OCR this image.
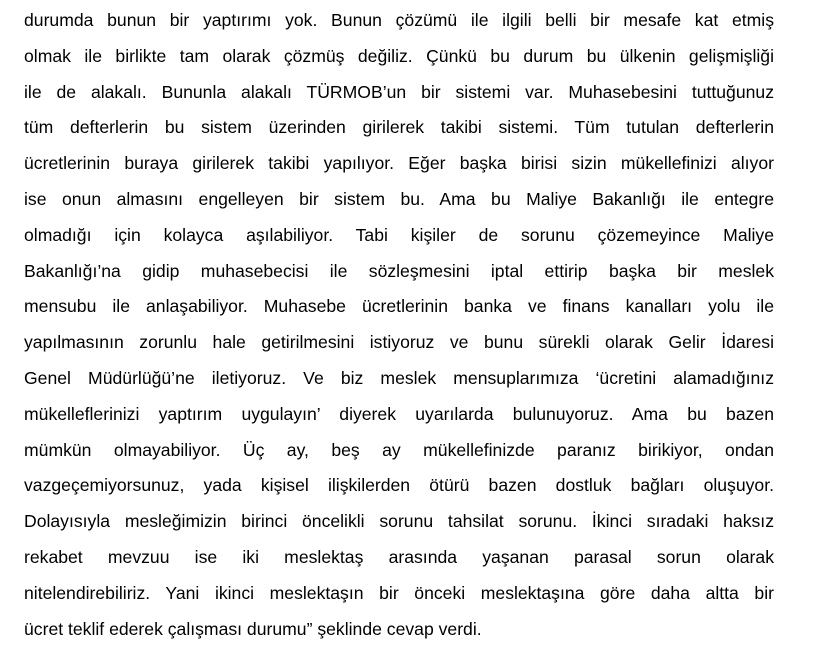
durumda bunun bir yaptırımı yok. Bunun çözümü ile ilgili belli bir mesafe kat etmiş
olmak ile birlikte tam olarak çözmüş değiliz. Çünkü bu durum bu ülkenin gelişmişliği
ile de alakalı. Bununla alakalı TÜRMOB’un bir sistemi var. Muhasebesini tuttuğunuz
tüm defterlerin bu sistem üzerinden girilerek takibi sistemi. Tüm tutulan defterlerin
ücretlerinin buraya girilerek takibi yapılıyor. Eğer başka birisi sizin mükellefinizi alıyor
ise onun almasını engelleyen bir sistem bu. Ama bu Maliye Bakanlığı ile entegre
olmadığı için kolayca aşılabiliyor. Tabi kişiler de sorunu çözemeyince Maliye
Bakanlığı’na gidip muhasebecisi ile sözleşmesini iptal ettirip başka bir meslek
mensubu ile anlaşabiliyor. Muhasebe ücretlerinin banka ve finans kanalları yolu ile
yapılmasının zorunlu hale getirilmesini istiyoruz ve bunu sürekli olarak Gelir İdaresi
Genel Müdürlüğü’ne iletiyoruz. Ve biz meslek mensuplarımıza ‘ücretini alamadığınız
mükelleflerinizi yaptırım uygulayın’ diyerek uyarılarda bulunuyoruz. Ama bu bazen
mümkün olmayabiliyor. Üç ay, beş ay mükellefinizde paranız birikiyor, ondan
vazgeçemiyorsunuz, yada kişisel ilişkilerden ötürü bazen dostluk bağları oluşuyor.
Dolayısıyla mesleğimizin birinci öncelikli sorunu tahsilat sorunu. İkinci sıradaki haksız
rekabet mevzuu ise iki meslektaş arasında yaşanan parasal sorun olarak
nitelendirebiliriz. Yani ikinci meslektaşın bir önceki meslektaşına göre daha altta bir
ücret teklif ederek çalışması durumu” şeklinde cevap verdi.
